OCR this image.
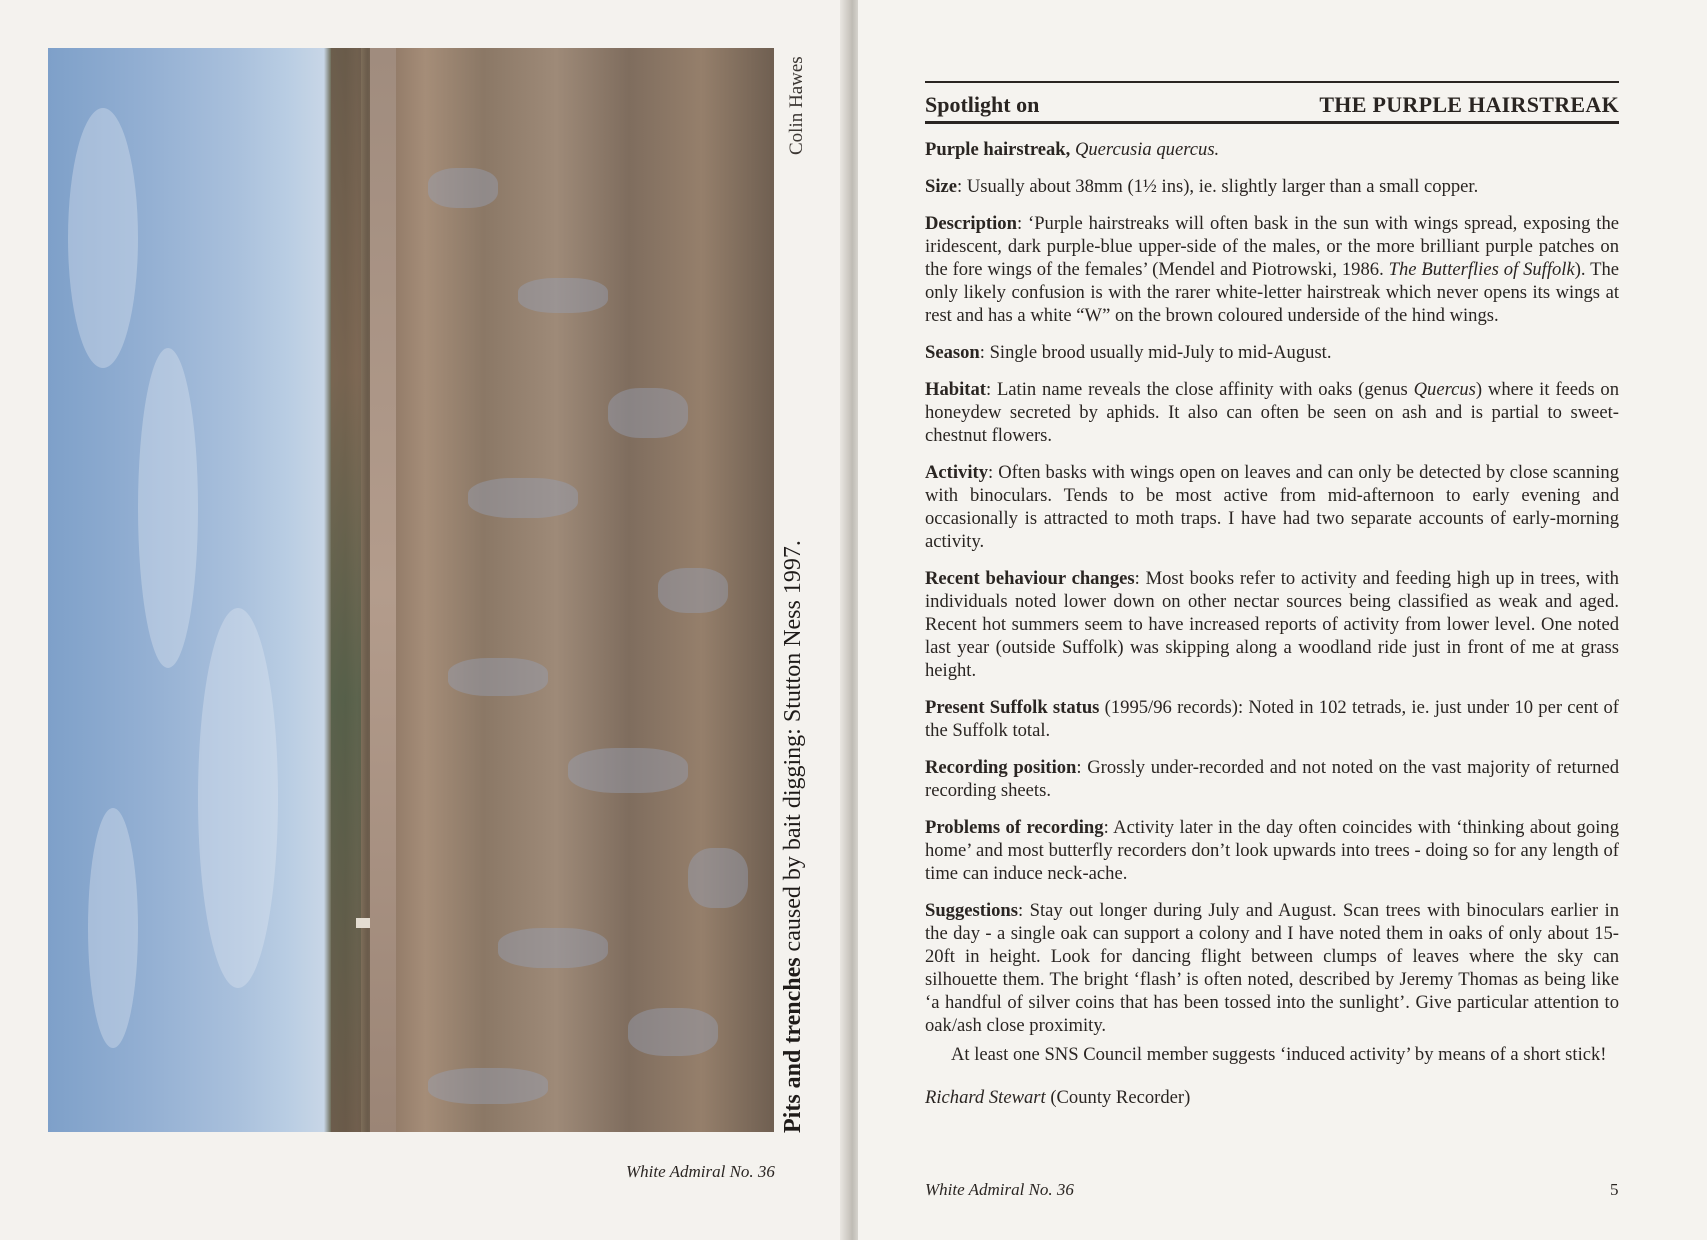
Colin Hawes
Pits and trenches caused by bait digging: Stutton Ness 1997.
White Admiral No. 36
Spotlight on	THE PURPLE HAIRSTREAK

Purple hairstreak, Quercusia quercus.

Size: Usually about 38mm (1½ ins), ie. slightly larger than a small copper.

Description: ‘Purple hairstreaks will often bask in the sun with wings spread, exposing the iridescent, dark purple-blue upper-side of the males, or the more brilliant purple patches on the fore wings of the females’ (Mendel and Piotrowski, 1986. The Butterflies of Suffolk). The only likely confusion is with the rarer white-letter hairstreak which never opens its wings at rest and has a white “W” on the brown coloured underside of the hind wings.

Season: Single brood usually mid-July to mid-August.

Habitat: Latin name reveals the close affinity with oaks (genus Quercus) where it feeds on honeydew secreted by aphids. It also can often be seen on ash and is partial to sweet-chestnut flowers.

Activity: Often basks with wings open on leaves and can only be detected by close scanning with binoculars. Tends to be most active from mid-afternoon to early evening and occasionally is attracted to moth traps. I have had two separate accounts of early-morning activity.

Recent behaviour changes: Most books refer to activity and feeding high up in trees, with individuals noted lower down on other nectar sources being classified as weak and aged. Recent hot summers seem to have increased reports of activity from lower level. One noted last year (outside Suffolk) was skipping along a woodland ride just in front of me at grass height.

Present Suffolk status (1995/96 records): Noted in 102 tetrads, ie. just under 10 per cent of the Suffolk total.

Recording position: Grossly under-recorded and not noted on the vast majority of returned recording sheets.

Problems of recording: Activity later in the day often coincides with ‘thinking about going home’ and most butterfly recorders don’t look upwards into trees - doing so for any length of time can induce neck-ache.

Suggestions: Stay out longer during July and August. Scan trees with binoculars earlier in the day - a single oak can support a colony and I have noted them in oaks of only about 15-20ft in height. Look for dancing flight between clumps of leaves where the sky can silhouette them. The bright ‘flash’ is often noted, described by Jeremy Thomas as being like ‘a handful of silver coins that has been tossed into the sunlight’. Give particular attention to oak/ash close proximity.

At least one SNS Council member suggests ‘induced activity’ by means of a short stick!

Richard Stewart (County Recorder)

White Admiral No. 36	5
